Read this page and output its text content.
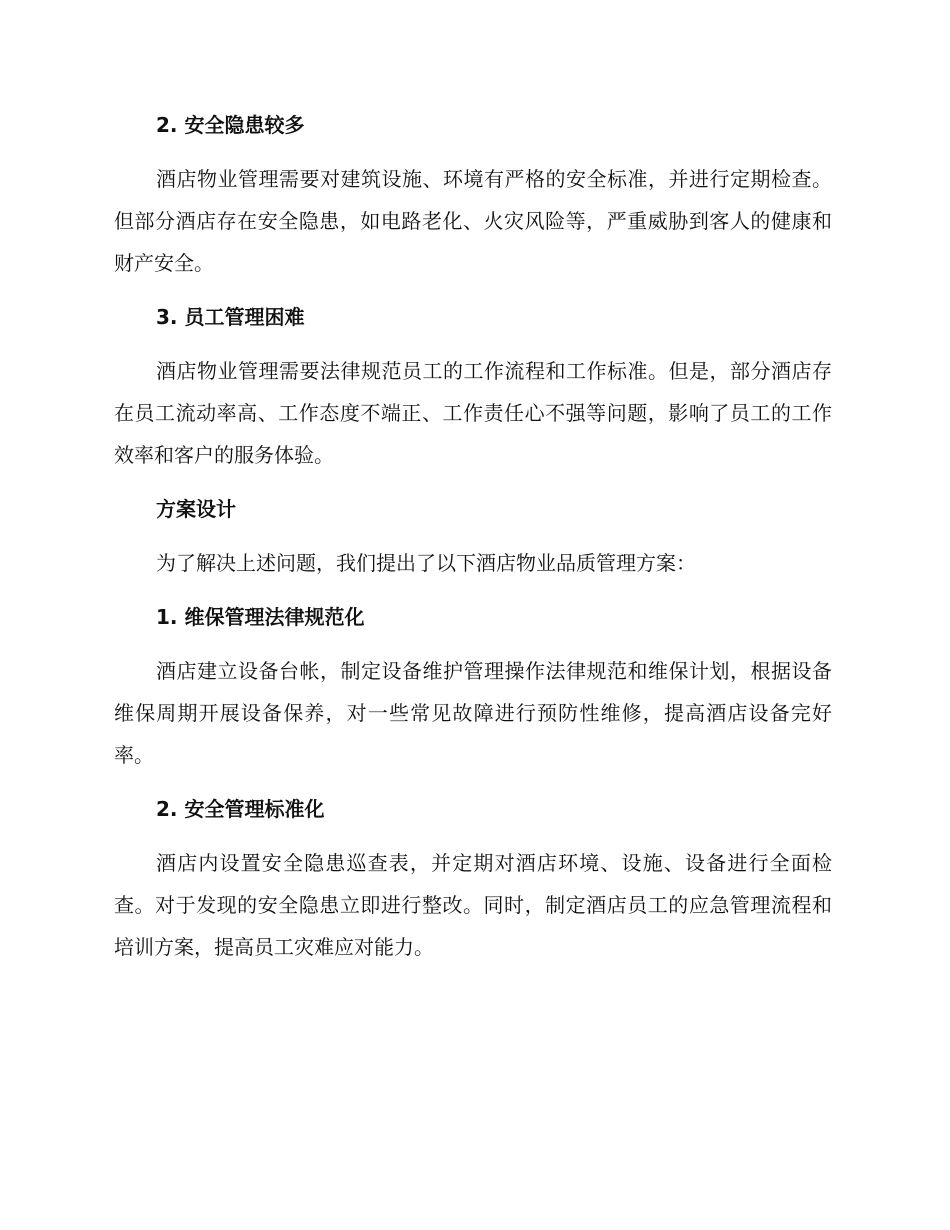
2. 安全隐患较多

酒店物业管理需要对建筑设施、环境有严格的安全标准，并进行定期检查。但部分酒店存在安全隐患，如电路老化、火灾风险等，严重威胁到客人的健康和财产安全。

3. 员工管理困难

酒店物业管理需要法律规范员工的工作流程和工作标准。但是，部分酒店存在员工流动率高、工作态度不端正、工作责任心不强等问题，影响了员工的工作效率和客户的服务体验。

方案设计

为了解决上述问题，我们提出了以下酒店物业品质管理方案：

1. 维保管理法律规范化

酒店建立设备台帐，制定设备维护管理操作法律规范和维保计划，根据设备维保周期开展设备保养，对一些常见故障进行预防性维修，提高酒店设备完好率。

2. 安全管理标准化

酒店内设置安全隐患巡查表，并定期对酒店环境、设施、设备进行全面检查。对于发现的安全隐患立即进行整改。同时，制定酒店员工的应急管理流程和培训方案，提高员工灾难应对能力。
